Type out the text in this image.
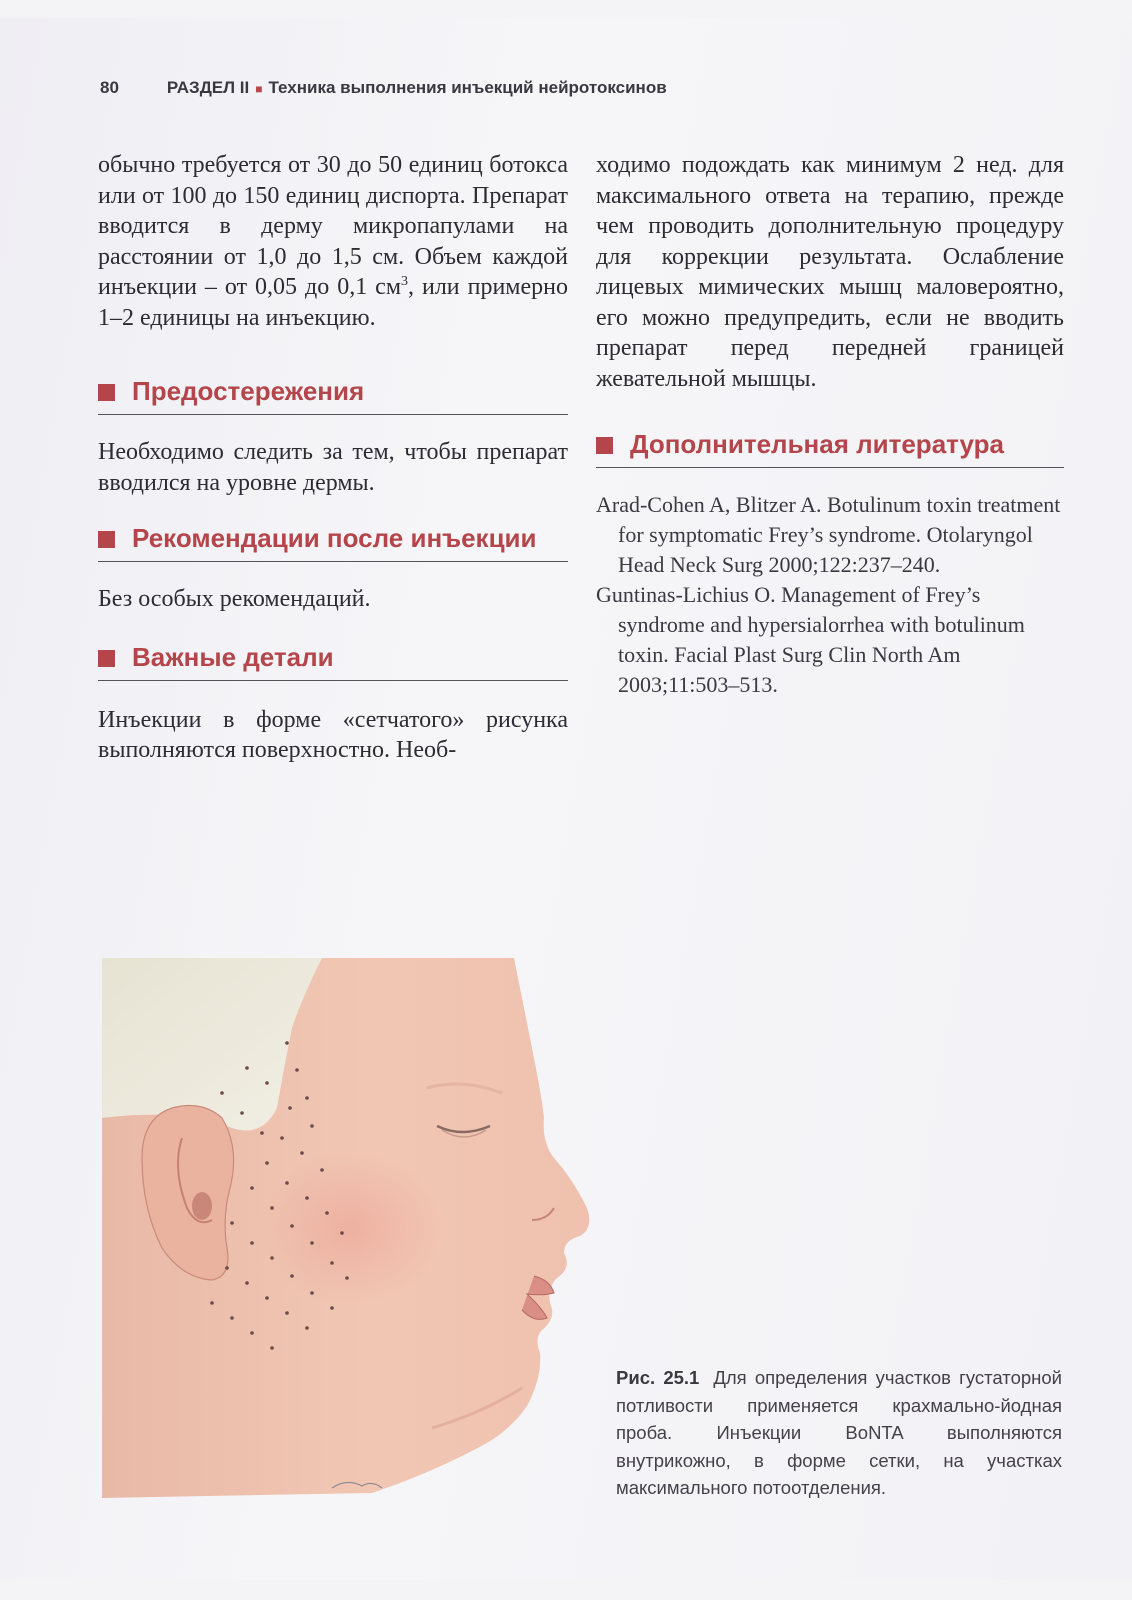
80	РАЗДЕЛ II ■ Техника выполнения инъекций нейротоксинов

обычно требуется от 30 до 50 единиц ботокса или от 100 до 150 единиц диспорта. Препарат вводится в дерму микропапулами на расстоянии от 1,0 до 1,5 см. Объем каждой инъекции – от 0,05 до 0,1 $см^3$, или примерно 1–2 единицы на инъекцию.

Предостережения

Необходимо следить за тем, чтобы препарат вводился на уровне дермы.

Рекомендации после инъекции

Без особых рекомендаций.

Важные детали

Инъекции в форме «сетчатого» рисунка выполняются поверхностно. Необ-

ходимо подождать как минимум 2 нед. для максимального ответа на терапию, прежде чем проводить дополнительную процедуру для коррекции результата. Ослабление лицевых мимических мышц маловероятно, его можно предупредить, если не вводить препарат перед передней границей жевательной мышцы.

Дополнительная литература

Arad-Cohen A, Blitzer A. Botulinum toxin treatment for symptomatic Frey’s syndrome. Otolaryngol Head Neck Surg 2000;122:237–240.

Guntinas-Lichius O. Management of Frey’s syndrome and hypersialorrhea with botulinum toxin. Facial Plast Surg Clin North Am 2003;11:503–513.

Рис. 25.1 Для определения участков густаторной потливости применяется крахмально-йодная проба. Инъекции BoNTA выполняются внутрикожно, в форме сетки, на участках максимального потоотделения.
